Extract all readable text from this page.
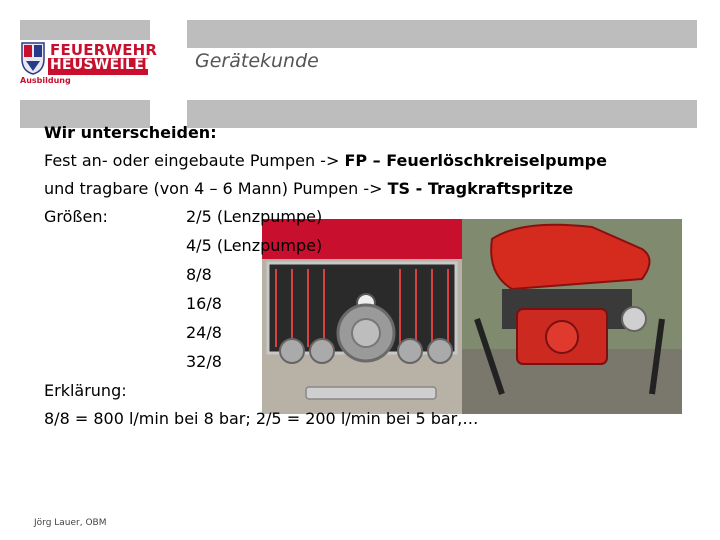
FEUERWEHR
HEUSWEILER
Ausbildung
Gerätekunde
Wir unterscheiden:
Fest an- oder eingebaute Pumpen -> FP – Feuerlöschkreiselpumpe
und tragbare (von 4 – 6 Mann) Pumpen -> TS - Tragkraftspritze
Größen:	2/5 (Lenzpumpe)
4/5 (Lenzpumpe)
8/8
16/8
24/8
32/8
Erklärung:
8/8 = 800 l/min bei 8 bar; 2/5 = 200 l/min bei 5 bar,…
Jörg Lauer, OBM
